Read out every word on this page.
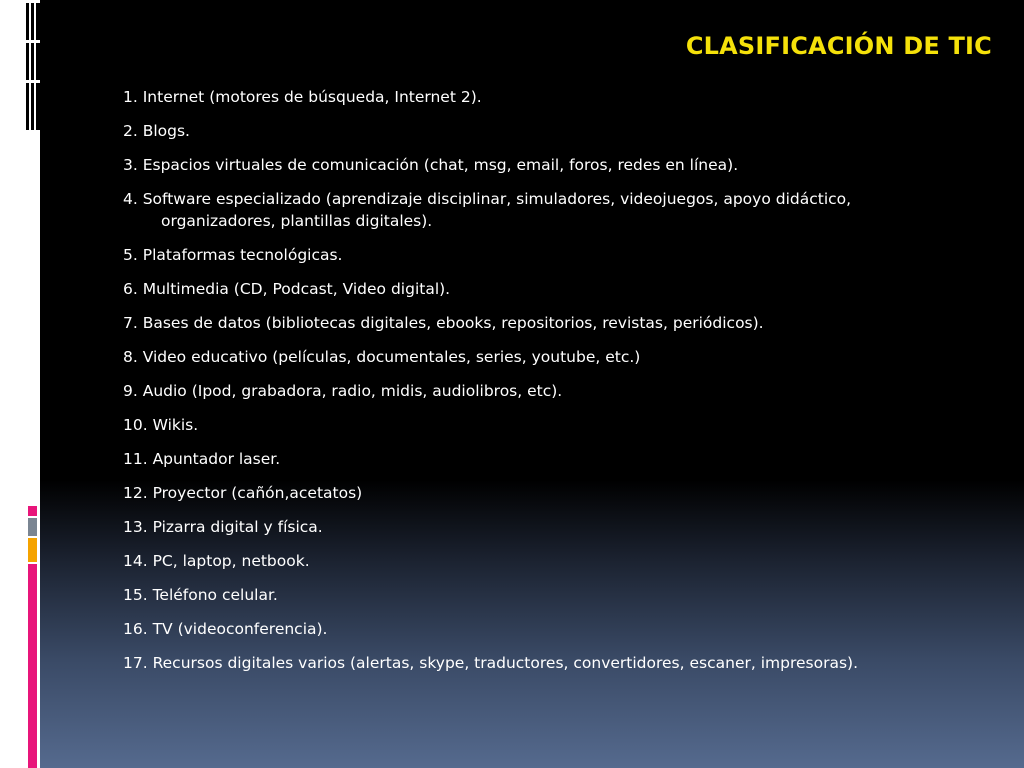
CLASIFICACIÓN DE TIC
1. Internet (motores de búsqueda, Internet 2).
2. Blogs.
3. Espacios virtuales de comunicación (chat, msg, email, foros, redes en línea).
4. Software especializado (aprendizaje disciplinar, simuladores, videojuegos, apoyo didáctico, organizadores, plantillas digitales).
5. Plataformas tecnológicas.
6. Multimedia (CD, Podcast, Video digital).
7. Bases de datos (bibliotecas digitales, ebooks, repositorios, revistas, periódicos).
8. Video educativo (películas, documentales, series, youtube, etc.)
9. Audio (Ipod, grabadora, radio, midis, audiolibros, etc).
10. Wikis.
11. Apuntador laser.
12. Proyector (cañón,acetatos)
13. Pizarra digital y física.
14. PC, laptop, netbook.
15. Teléfono celular.
16. TV (videoconferencia).
17. Recursos digitales varios (alertas, skype, traductores, convertidores, escaner, impresoras).
